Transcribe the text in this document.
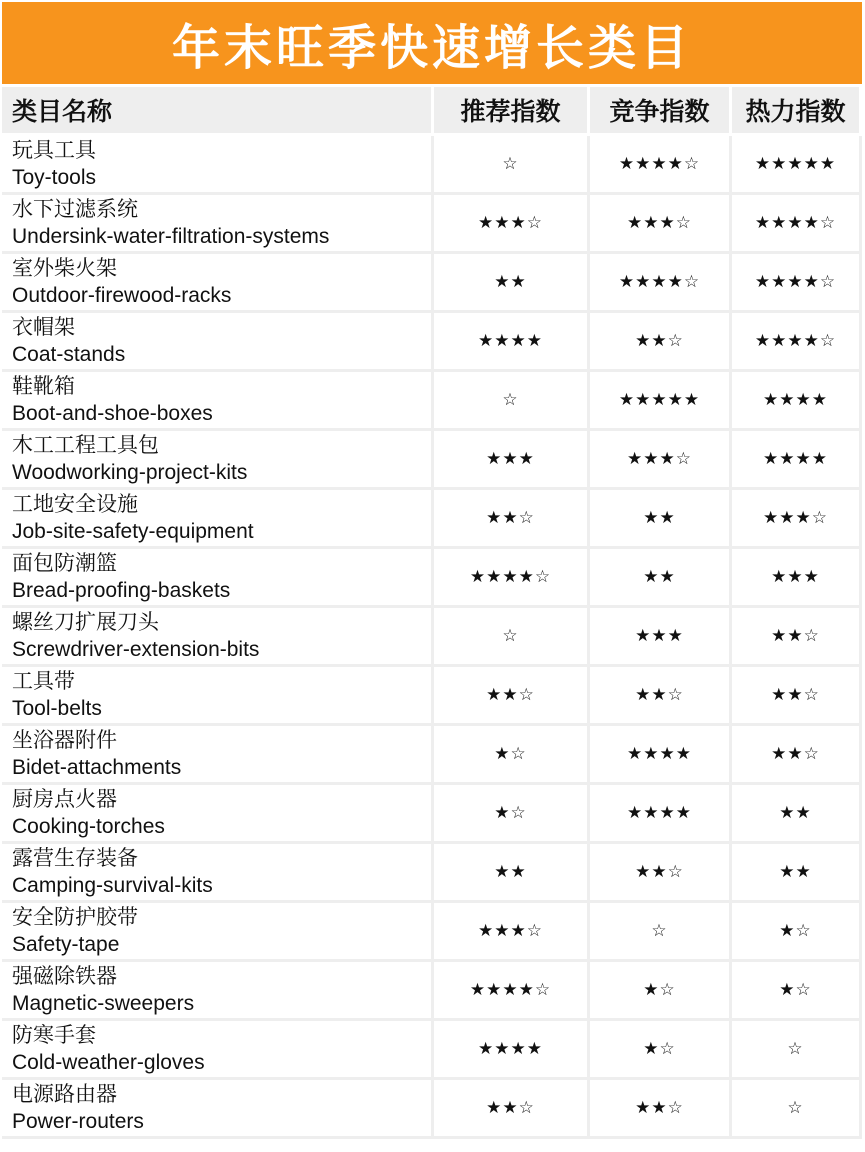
年末旺季快速增长类目
类目名称	推荐指数	竞争指数	热力指数

玩具工具
Toy-tools	☆	★★★★☆	★★★★★

水下过滤系统
Undersink-water-filtration-systems	★★★☆	★★★☆	★★★★☆

室外柴火架
Outdoor-firewood-racks	★★	★★★★☆	★★★★☆

衣帽架
Coat-stands	★★★★	★★☆	★★★★☆

鞋靴箱
Boot-and-shoe-boxes	☆	★★★★★	★★★★

木工工程工具包
Woodworking-project-kits	★★★	★★★☆	★★★★

工地安全设施
Job-site-safety-equipment	★★☆	★★	★★★☆

面包防潮篮
Bread-proofing-baskets	★★★★☆	★★	★★★

螺丝刀扩展刀头
Screwdriver-extension-bits	☆	★★★	★★☆

工具带
Tool-belts	★★☆	★★☆	★★☆

坐浴器附件
Bidet-attachments	★☆	★★★★	★★☆

厨房点火器
Cooking-torches	★☆	★★★★	★★

露营生存装备
Camping-survival-kits	★★	★★☆	★★

安全防护胶带
Safety-tape	★★★☆	☆	★☆

强磁除铁器
Magnetic-sweepers	★★★★☆	★☆	★☆

防寒手套
Cold-weather-gloves	★★★★	★☆	☆

电源路由器
Power-routers	★★☆	★★☆	☆
